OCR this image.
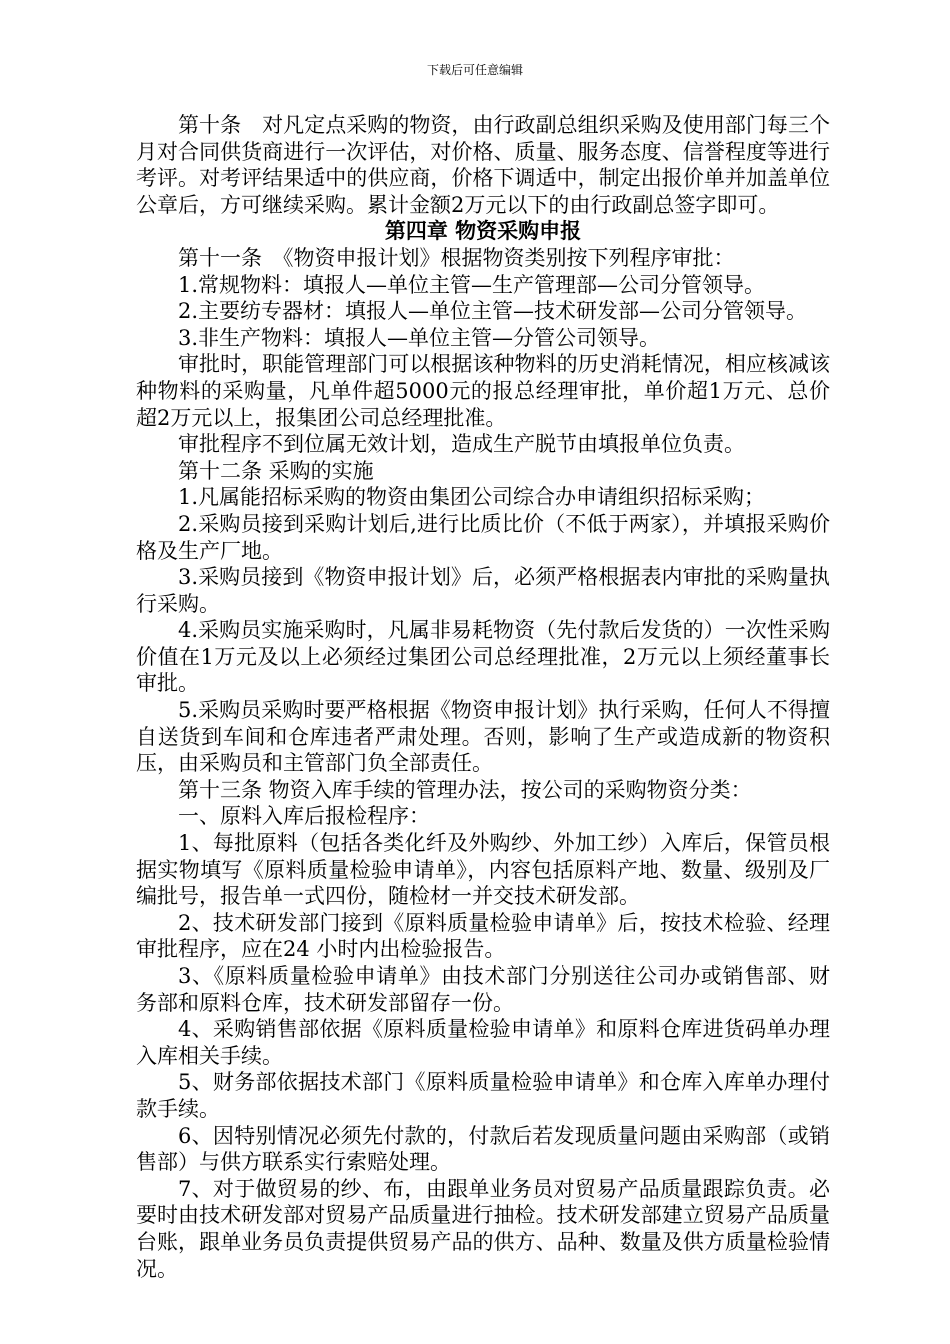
下载后可任意编辑

第十条　对凡定点采购的物资，由行政副总组织采购及使用部门每三个月对合同供货商进行一次评估，对价格、质量、服务态度、信誉程度等进行考评。对考评结果适中的供应商，价格下调适中，制定出报价单并加盖单位公章后，方可继续采购。累计金额2万元以下的由行政副总签字即可。

第四章 物资采购申报

第十一条　《物资申报计划》根据物资类别按下列程序审批：

1.常规物料：填报人—单位主管—生产管理部—公司分管领导。

2.主要纺专器材：填报人—单位主管—技术研发部—公司分管领导。

3.非生产物料：填报人—单位主管—分管公司领导。

审批时，职能管理部门可以根据该种物料的历史消耗情况，相应核减该种物料的采购量，凡单件超5000元的报总经理审批，单价超1万元、总价超2万元以上，报集团公司总经理批准。

审批程序不到位属无效计划，造成生产脱节由填报单位负责。

第十二条 采购的实施

1.凡属能招标采购的物资由集团公司综合办申请组织招标采购；

2.采购员接到采购计划后,进行比质比价（不低于两家），并填报采购价格及生产厂地。

3.采购员接到《物资申报计划》后，必须严格根据表内审批的采购量执行采购。

4.采购员实施采购时，凡属非易耗物资（先付款后发货的）一次性采购价值在1万元及以上必须经过集团公司总经理批准，2万元以上须经董事长审批。

5.采购员采购时要严格根据《物资申报计划》执行采购，任何人不得擅自送货到车间和仓库违者严肃处理。否则，影响了生产或造成新的物资积压，由采购员和主管部门负全部责任。

第十三条 物资入库手续的管理办法，按公司的采购物资分类：

一、原料入库后报检程序：

1、每批原料（包括各类化纤及外购纱、外加工纱）入库后，保管员根据实物填写《原料质量检验申请单》，内容包括原料产地、数量、级别及厂编批号，报告单一式四份，随检材一并交技术研发部。

2、技术研发部门接到《原料质量检验申请单》后，按技术检验、经理审批程序，应在24 小时内出检验报告。

3、《原料质量检验申请单》由技术部门分别送往公司办或销售部、财务部和原料仓库，技术研发部留存一份。

4、采购销售部依据《原料质量检验申请单》和原料仓库进货码单办理入库相关手续。

5、财务部依据技术部门《原料质量检验申请单》和仓库入库单办理付款手续。

6、因特别情况必须先付款的，付款后若发现质量问题由采购部（或销售部）与供方联系实行索赔处理。

7、对于做贸易的纱、布，由跟单业务员对贸易产品质量跟踪负责。必要时由技术研发部对贸易产品质量进行抽检。技术研发部建立贸易产品质量台账，跟单业务员负责提供贸易产品的供方、品种、数量及供方质量检验情况。
